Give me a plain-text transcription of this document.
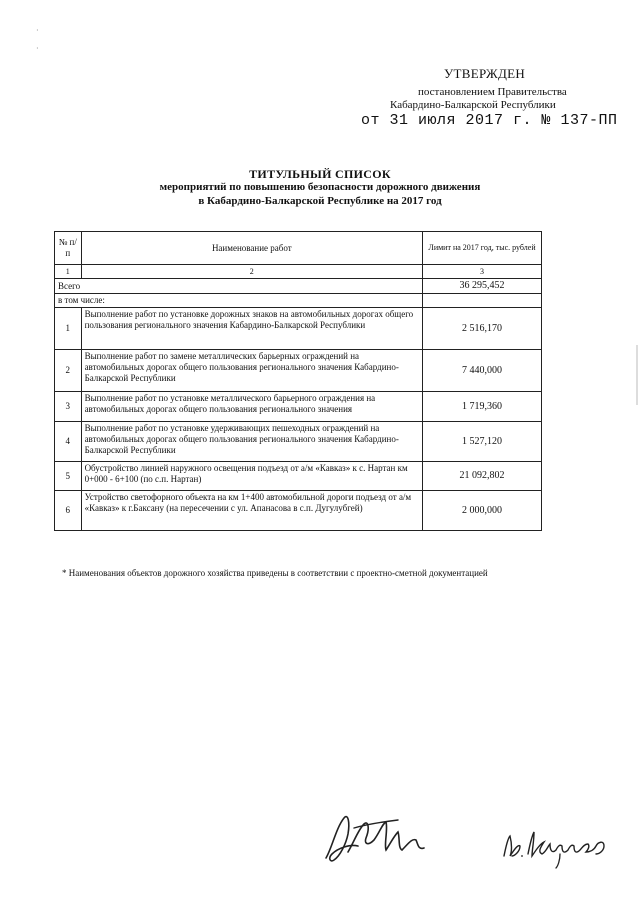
·
·
УТВЕРЖДЕН
постановлением Правительства
Кабардино-Балкарской Республики
от 31 июля 2017 г. № 137-ПП
ТИТУЛЬНЫЙ СПИСОК
мероприятий по повышению безопасности дорожного движения
в Кабардино-Балкарской Республике на 2017 год
№ п/п	Наименование работ	Лимит на 2017 год, тыс. рублей
1	2	3
Всего		36 295,452
в том числе:		
1	Выполнение работ по установке дорожных знаков на автомобильных дорогах общего пользования регионального значения Кабардино-Балкарской Республики	2 516,170
2	Выполнение работ по замене металлических барьерных ограждений на автомобильных дорогах общего пользования регионального значения Кабардино-Балкарской Республики	7 440,000
3	Выполнение работ по установке металлического барьерного ограждения на автомобильных дорогах общего пользования регионального значения	1 719,360
4	Выполнение работ по установке удерживающих пешеходных ограждений на автомобильных дорогах общего пользования регионального значения Кабардино-Балкарской Республики	1 527,120
5	Обустройство линией наружного освещения подъезд от а/м «Кавказ» к с. Нартан км 0+000 - 6+100 (по с.п. Нартан)	21 092,802
6	Устройство светофорного объекта на км 1+400 автомобильной дороги подъезд от а/м «Кавказ» к г.Баксану (на пересечении с ул. Апанасова в с.п. Дугулубгей)	2 000,000
* Наименования объектов дорожного хозяйства приведены в соответствии с проектно-сметной документацией
